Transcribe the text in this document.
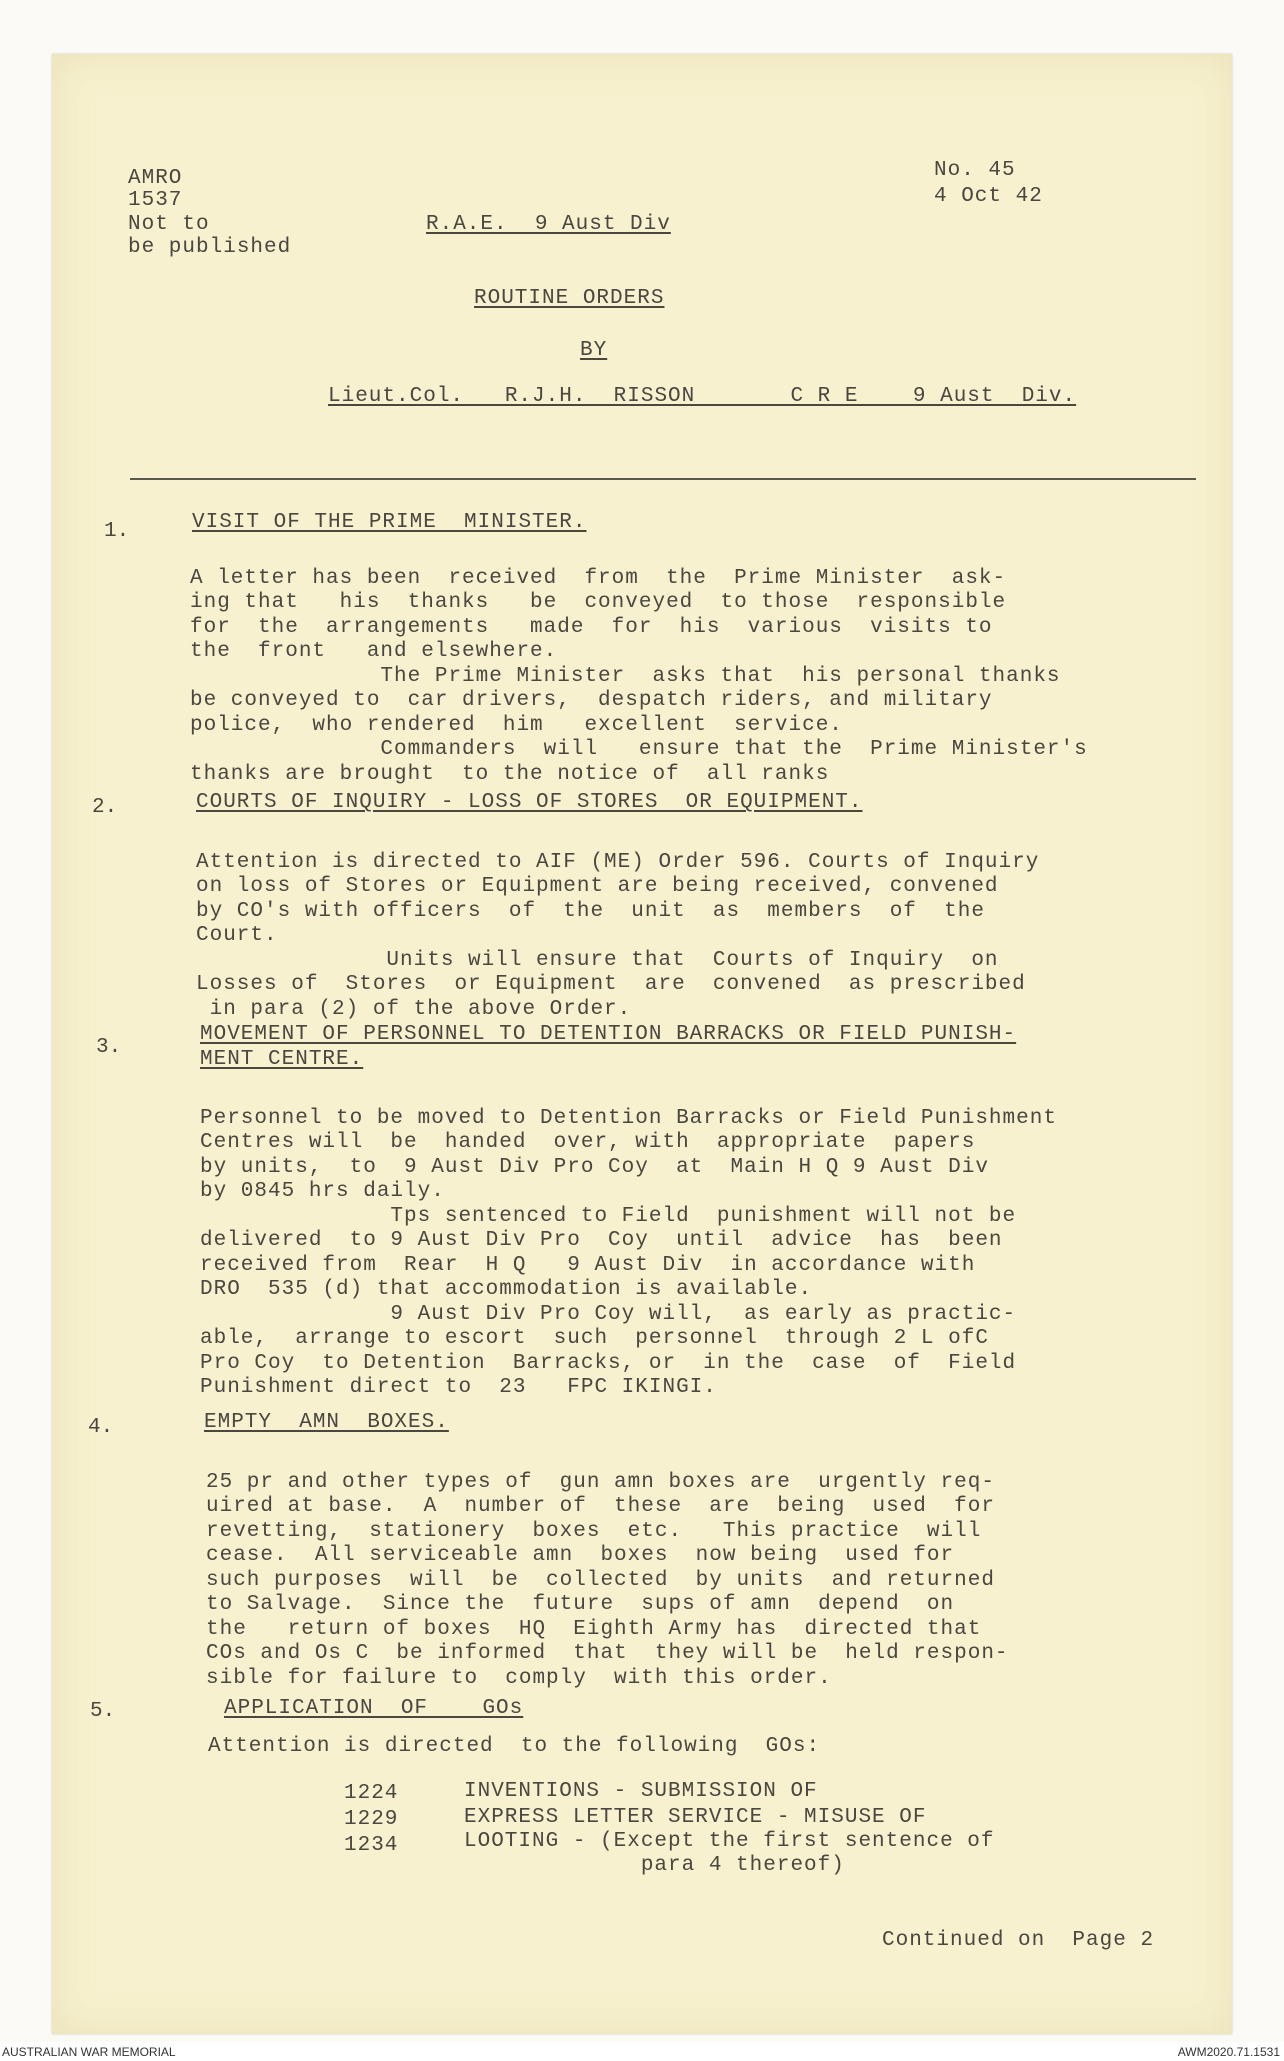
AMRO
1537
Not to
be published
No. 45
4 Oct 42
R.A.E.  9 Aust Div
ROUTINE ORDERS
BY
Lieut.Col.   R.J.H.  RISSON       C R E    9 Aust  Div.
1.	VISIT OF THE PRIME  MINISTER.

A letter has been  received  from  the  Prime Minister  ask-
ing that   his  thanks   be  conveyed  to those  responsible
for  the  arrangements   made  for  his  various  visits to
the  front   and elsewhere.
The Prime Minister  asks that  his personal thanks
be conveyed to  car drivers,  despatch riders, and military
police,  who rendered  him   excellent  service.
Commanders  will   ensure that the  Prime Minister's
thanks are brought  to the notice of  all ranks

2.	COURTS OF INQUIRY - LOSS OF STORES  OR EQUIPMENT.

Attention is directed to AIF (ME) Order 596. Courts of Inquiry
on loss of Stores or Equipment are being received, convened
by CO's with officers  of  the  unit  as  members  of  the
Court.
Units will ensure that  Courts of Inquiry  on
Losses of  Stores  or Equipment  are  convened  as prescribed
in para (2) of the above Order.

3.
MOVEMENT OF PERSONNEL TO DETENTION BARRACKS OR FIELD PUNISH-
MENT CENTRE.

Personnel to be moved to Detention Barracks or Field Punishment
Centres will  be  handed  over, with  appropriate  papers
by units,  to  9 Aust Div Pro Coy  at  Main H Q 9 Aust Div
by 0845 hrs daily.
Tps sentenced to Field  punishment will not be
delivered  to 9 Aust Div Pro  Coy  until  advice  has  been
received from  Rear  H Q   9 Aust Div  in accordance with
DRO  535 (d) that accommodation is available.
9 Aust Div Pro Coy will,  as early as practic-
able,  arrange to escort  such  personnel  through 2 L ofC
Pro Coy  to Detention  Barracks, or  in the  case  of  Field
Punishment direct to  23   FPC IKINGI.

4.	EMPTY  AMN  BOXES.

25 pr and other types of  gun amn boxes are  urgently req-
uired at base.  A  number of  these  are  being  used  for
revetting,  stationery  boxes  etc.   This practice  will
cease.  All serviceable amn  boxes  now being  used for
such purposes  will  be  collected  by units  and returned
to Salvage.  Since the  future  sups of amn  depend  on
the   return of boxes  HQ  Eighth Army has  directed that
COs and Os C  be informed  that  they will be  held respon-
sible for failure to  comply  with this order.

5.	APPLICATION  OF    GOs
Attention is directed  to the following  GOs:
1224	INVENTIONS - SUBMISSION OF
1229	EXPRESS LETTER SERVICE - MISUSE OF
1234	LOOTING - (Except the first sentence of
para 4 thereof)
Continued on  Page 2
AUSTRALIAN WAR MEMORIAL	AWM2020.71.1531
